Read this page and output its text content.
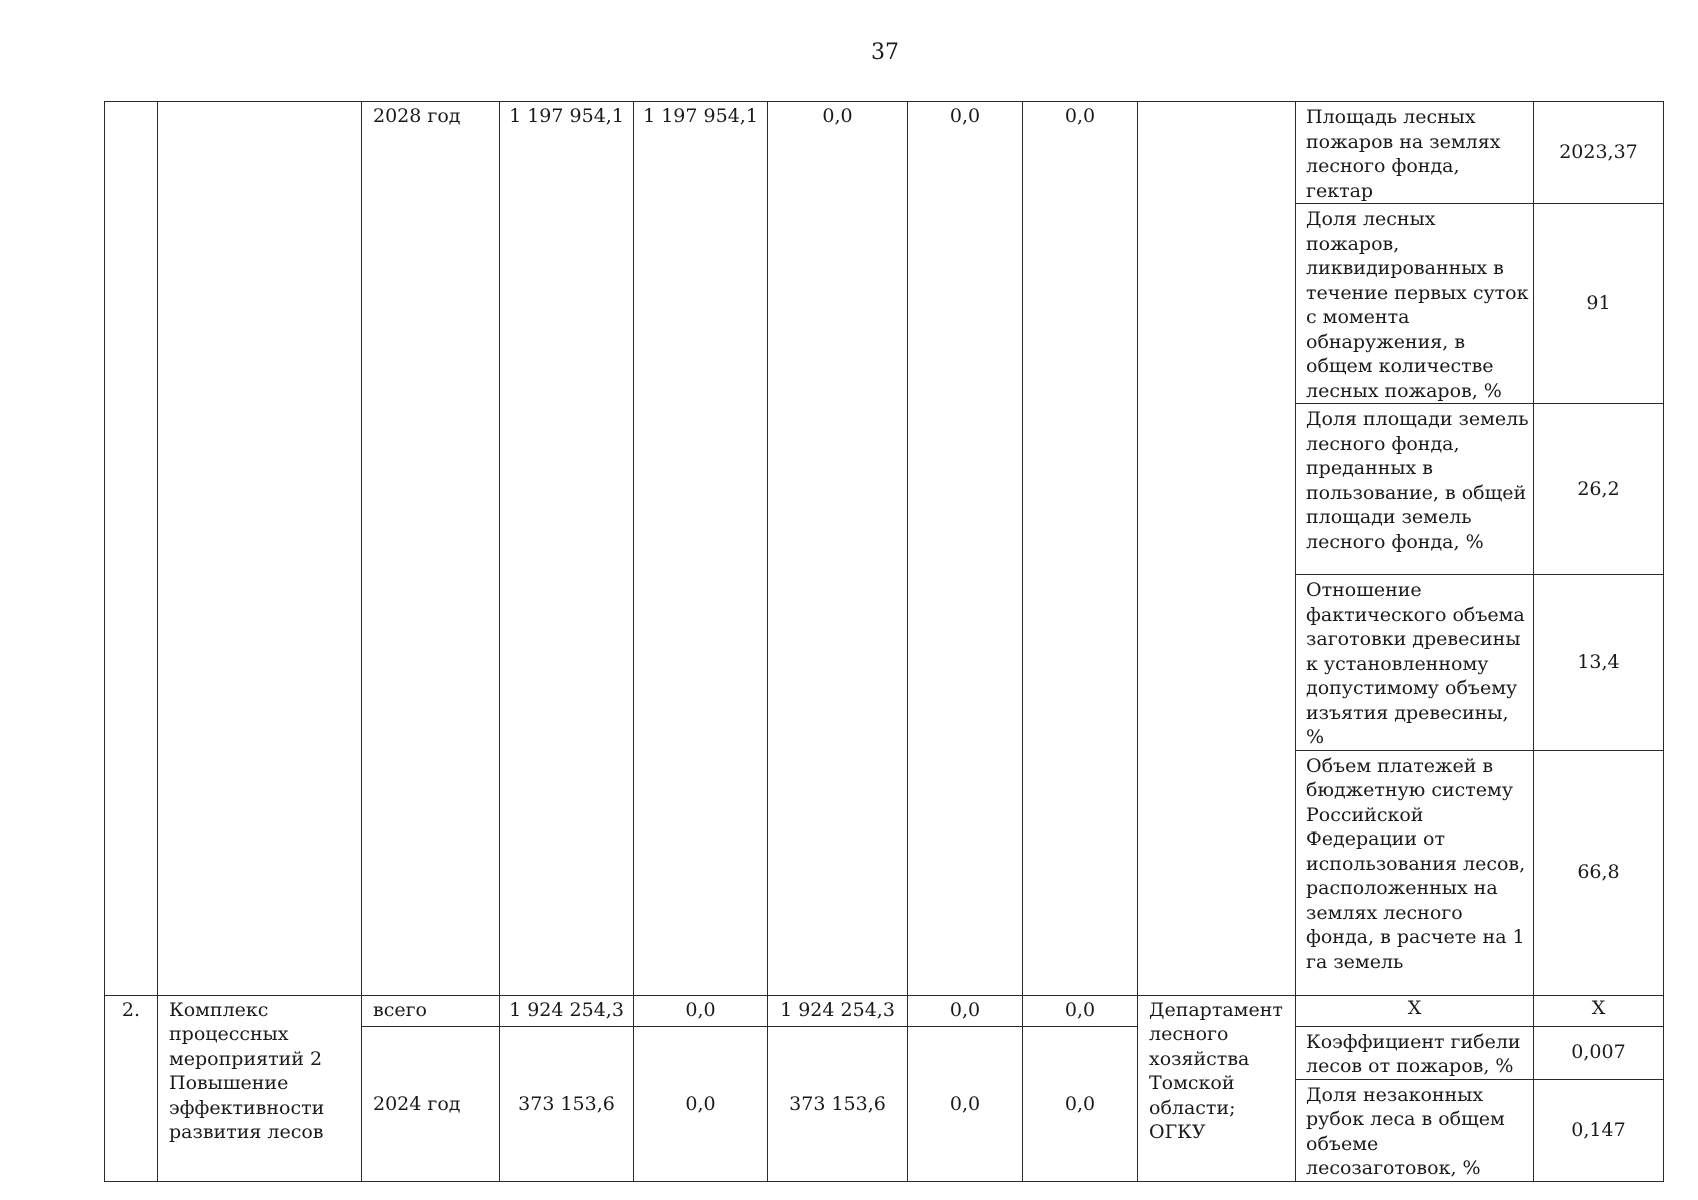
37
		2028 год	1 197 954,1	1 197 954,1	0,0	0,0	0,0		Площадь лесных пожаров на землях лесного фонда, гектар	2023,37
									Доля лесных пожаров, ликвидированных в течение первых суток с момента обнаружения, в общем количестве лесных пожаров, %	91
									Доля площади земель лесного фонда, преданных в пользование, в общей площади земель лесного фонда, %	26,2
									Отношение фактического объема заготовки древесины к установленному допустимому объему изъятия древесины, %	13,4
									Объем платежей в бюджетную систему Российской Федерации от использования лесов, расположенных на землях лесного фонда, в расчете на 1 га земель	66,8
2.	Комплекс процессных мероприятий 2 Повышение эффективности развития лесов	всего	1 924 254,3	0,0	1 924 254,3	0,0	0,0	Департамент лесного хозяйства Томской области; ОГКУ	X	X
		2024 год	373 153,6	0,0	373 153,6	0,0	0,0		Коэффициент гибели лесов от пожаров, %	0,007
									Доля незаконных рубок леса в общем объеме лесозаготовок, %	0,147
